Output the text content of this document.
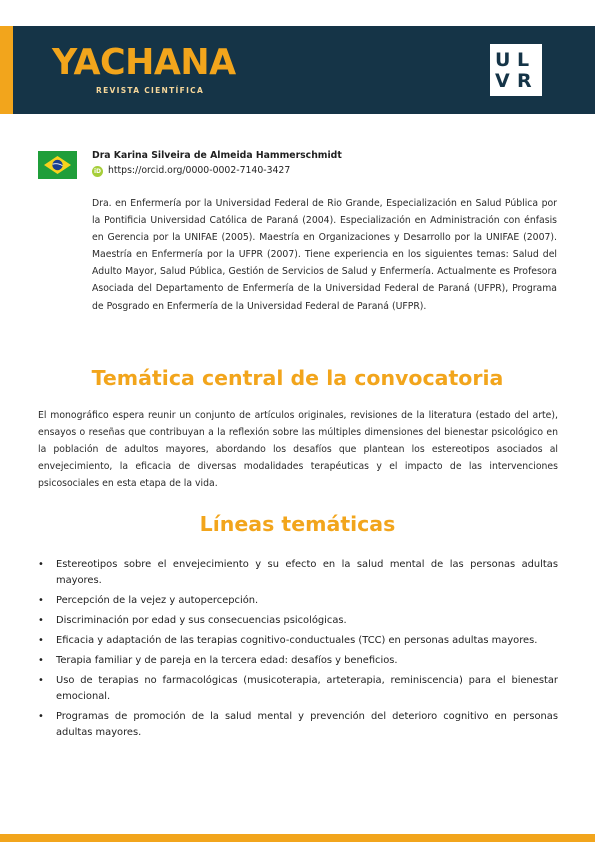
YACHANA
REVISTA CIENTÍFICA
U L
V R
Dra Karina Silveira de Almeida Hammerschmidt
iD https://orcid.org/0000-0002-7140-3427
Dra. en Enfermería por la Universidad Federal de Rio Grande, Especialización en Salud Pública por la Pontificia Universidad Católica de Paraná (2004). Especialización en Administración con énfasis en Gerencia por la UNIFAE (2005). Maestría en Organizaciones y Desarrollo por la UNIFAE (2007). Maestría en Enfermería por la UFPR (2007). Tiene experiencia en los siguientes temas: Salud del Adulto Mayor, Salud Pública, Gestión de Servicios de Salud y Enfermería. Actualmente es Profesora Asociada del Departamento de Enfermería de la Universidad Federal de Paraná (UFPR), Programa de Posgrado en Enfermería de la Universidad Federal de Paraná (UFPR).
Temática central de la convocatoria
El monográfico espera reunir un conjunto de artículos originales, revisiones de la literatura (estado del arte), ensayos o reseñas que contribuyan a la reflexión sobre las múltiples dimensiones del bienestar psicológico en la población de adultos mayores, abordando los desafíos que plantean los estereotipos asociados al envejecimiento, la eficacia de diversas modalidades terapéuticas y el impacto de las intervenciones psicosociales en esta etapa de la vida.
Líneas temáticas
• Estereotipos sobre el envejecimiento y su efecto en la salud mental de las personas adultas mayores.
• Percepción de la vejez y autopercepción.
• Discriminación por edad y sus consecuencias psicológicas.
• Eficacia y adaptación de las terapias cognitivo-conductuales (TCC) en personas adultas mayores.
• Terapia familiar y de pareja en la tercera edad: desafíos y beneficios.
• Uso de terapias no farmacológicas (musicoterapia, arteterapia, reminiscencia) para el bienestar emocional.
• Programas de promoción de la salud mental y prevención del deterioro cognitivo en personas adultas mayores.
